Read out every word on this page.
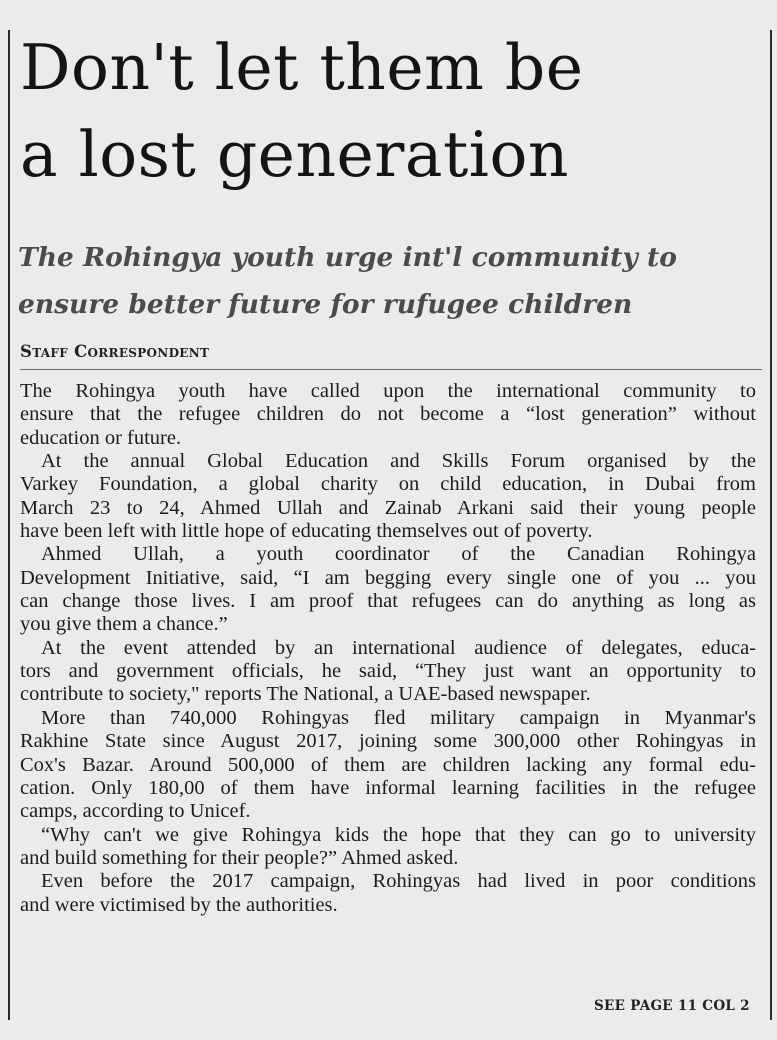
Don't let them be
a lost generation
The Rohingya youth urge int'l community to
ensure better future for rufugee children
Staff Correspondent

The Rohingya youth have called upon the international community to
ensure that the refugee children do not become a “lost generation” without
education or future.

At the annual Global Education and Skills Forum organised by the
Varkey Foundation, a global charity on child education, in Dubai from
March 23 to 24, Ahmed Ullah and Zainab Arkani said their young people
have been left with little hope of educating themselves out of poverty.

Ahmed Ullah, a youth coordinator of the Canadian Rohingya
Development Initiative, said, “I am begging every single one of you ... you
can change those lives. I am proof that refugees can do anything as long as
you give them a chance.”

At the event attended by an international audience of delegates, educa-
tors and government officials, he said, “They just want an opportunity to
contribute to society," reports The National, a UAE-based newspaper.

More than 740,000 Rohingyas fled military campaign in Myanmar's
Rakhine State since August 2017, joining some 300,000 other Rohingyas in
Cox's Bazar. Around 500,000 of them are children lacking any formal edu-
cation. Only 180,00 of them have informal learning facilities in the refugee
camps, according to Unicef.

“Why can't we give Rohingya kids the hope that they can go to university
and build something for their people?” Ahmed asked.

Even before the 2017 campaign, Rohingyas had lived in poor conditions
and were victimised by the authorities.

SEE PAGE 11 COL 2
